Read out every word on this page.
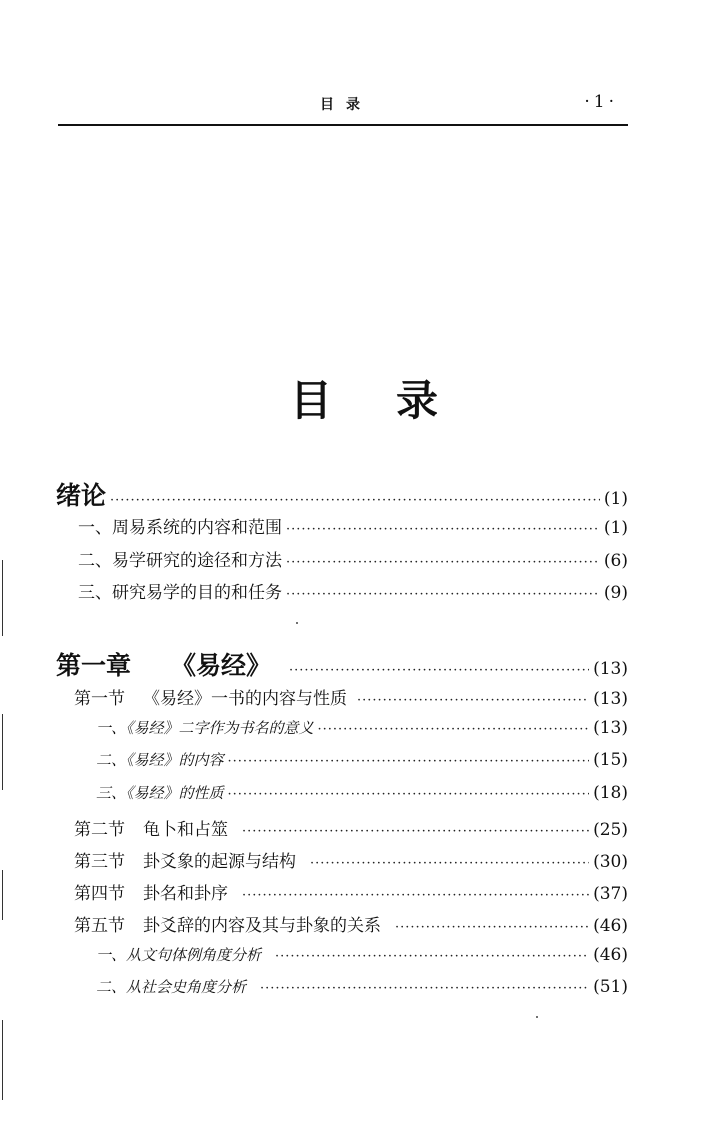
目录	·1·
目录
绪论 ·····	(1)
一、周易系统的内容和范围 ·····	(1)
二、易学研究的途径和方法 ·····	(6)
三、研究易学的目的和任务 ·····	(9)
第一章 《易经》 ·····	(13)
第一节 《易经》一书的内容与性质 ·····	(13)
一、《易经》二字作为书名的意义 ·····	(13)
二、《易经》的内容 ·····	(15)
三、《易经》的性质 ·····	(18)
第二节 龟卜和占筮 ·····	(25)
第三节 卦爻象的起源与结构 ·····	(30)
第四节 卦名和卦序 ·····	(37)
第五节 卦爻辞的内容及其与卦象的关系 ·····	(46)
一、从文句体例角度分析 ·····	(46)
二、从社会史角度分析 ·····	(51)
